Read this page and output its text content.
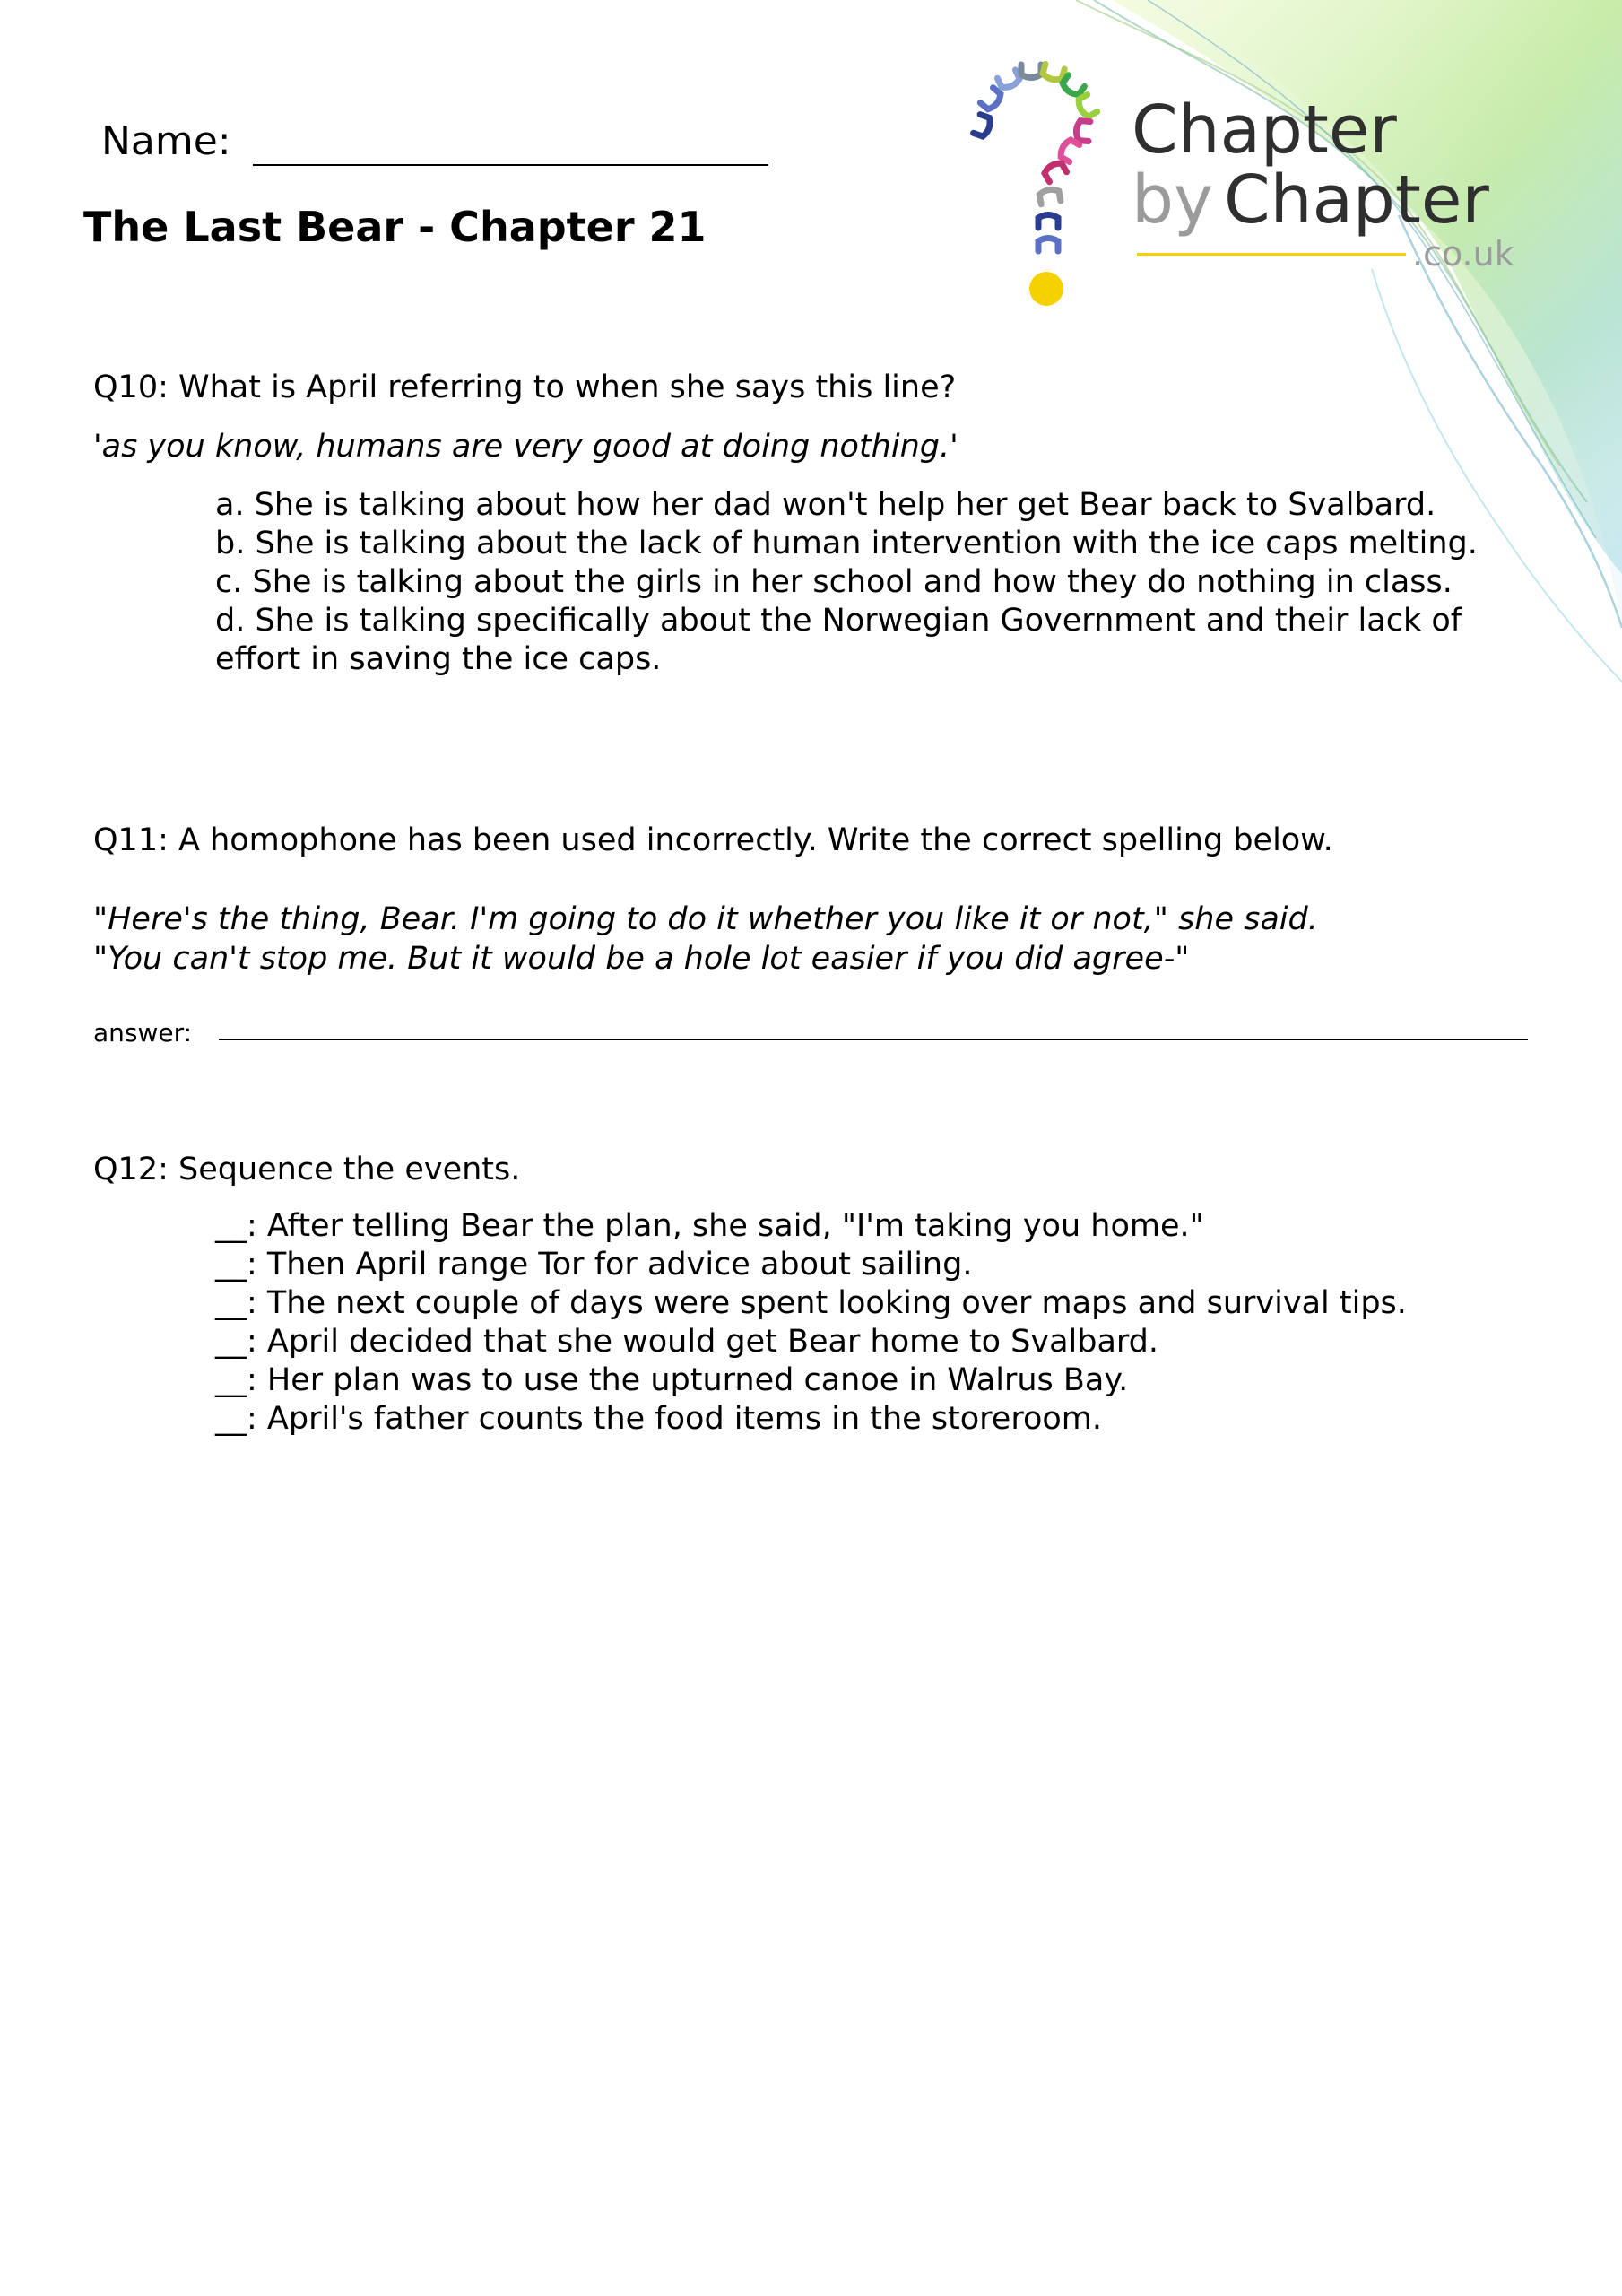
Chapter
by Chapter
.co.uk
Name:
The Last Bear - Chapter 21
Q10: What is April referring to when she says this line?
'as you know, humans are very good at doing nothing.'
a. She is talking about how her dad won't help her get Bear back to Svalbard.
b. She is talking about the lack of human intervention with the ice caps melting.
c. She is talking about the girls in her school and how they do nothing in class.
d. She is talking specifically about the Norwegian Government and their lack of effort in saving the ice caps.
Q11: A homophone has been used incorrectly. Write the correct spelling below.
"Here's the thing, Bear. I'm going to do it whether you like it or not," she said.
"You can't stop me. But it would be a hole lot easier if you did agree-"
answer:
Q12: Sequence the events.
__: After telling Bear the plan, she said, "I'm taking you home."
__: Then April range Tor for advice about sailing.
__: The next couple of days were spent looking over maps and survival tips.
__: April decided that she would get Bear home to Svalbard.
__: Her plan was to use the upturned canoe in Walrus Bay.
__: April's father counts the food items in the storeroom.
